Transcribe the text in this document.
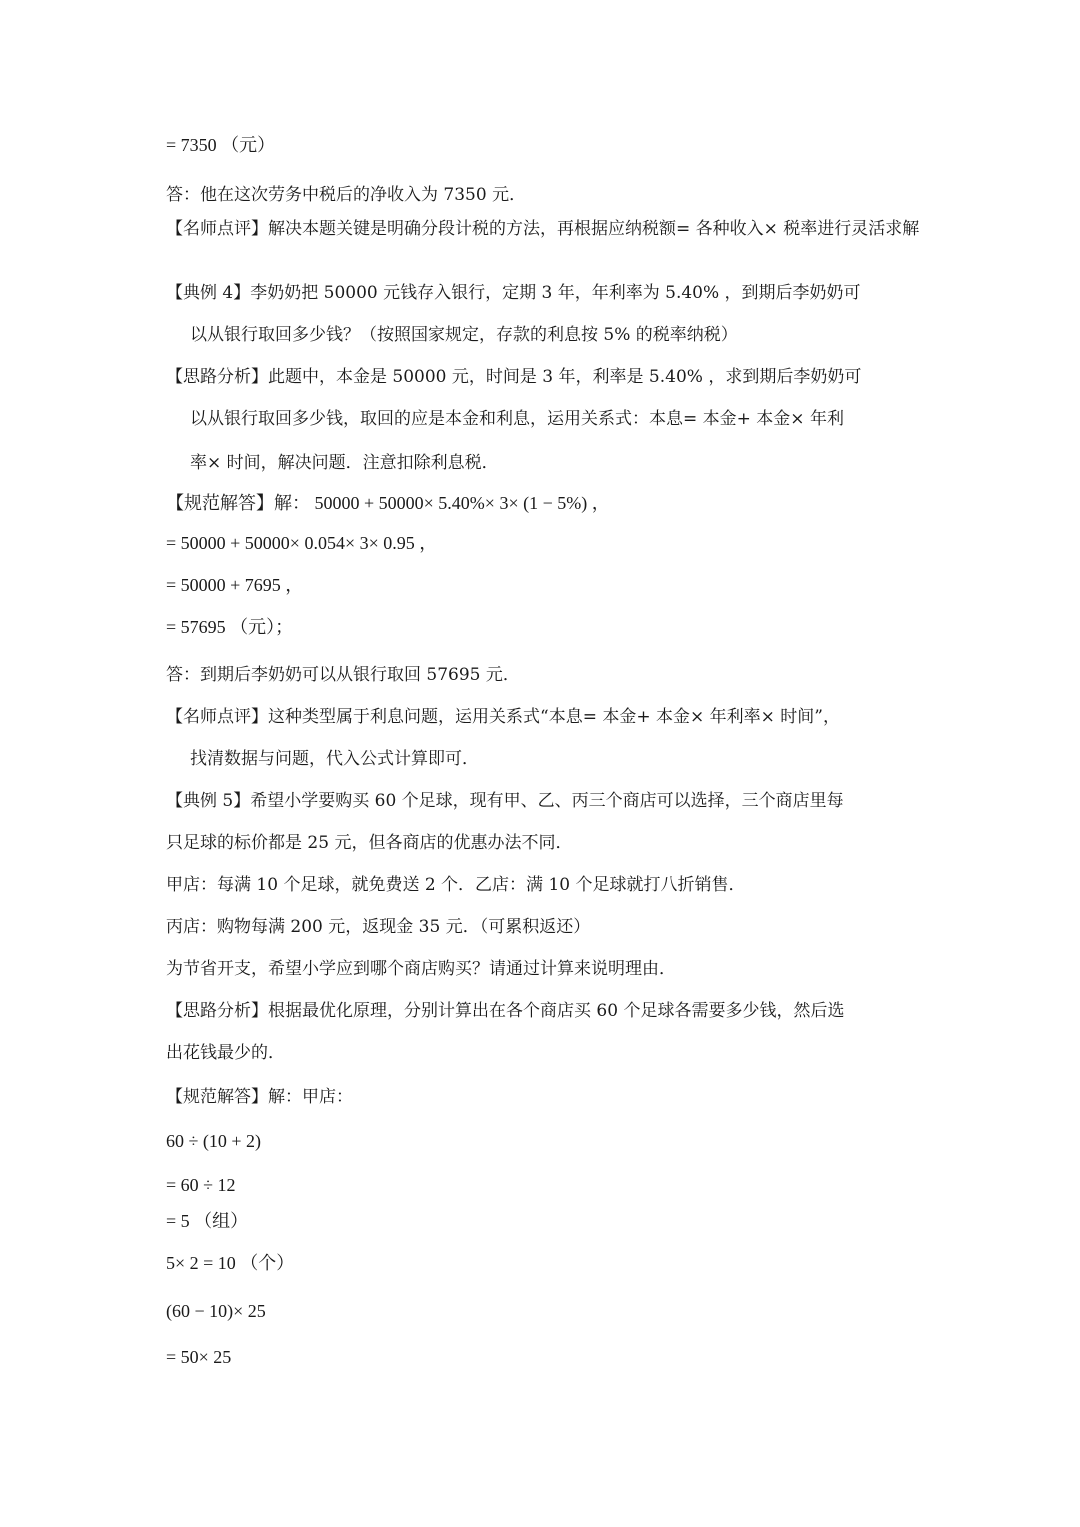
= 7350 （元）
答：他在这次劳务中税后的净收入为 7350 元．
【名师点评】解决本题关键是明确分段计税的方法，再根据应纳税额= 各种收入× 税率进行灵活求解
【典例 4】李奶奶把 50000 元钱存入银行，定期 3 年，年利率为 5.40% ，到期后李奶奶可
以从银行取回多少钱？（按照国家规定，存款的利息按 5% 的税率纳税）
【思路分析】此题中，本金是 50000 元，时间是 3 年，利率是 5.40% ，求到期后李奶奶可
以从银行取回多少钱，取回的应是本金和利息，运用关系式：本息= 本金+ 本金× 年利
率× 时间，解决问题．注意扣除利息税．
【规范解答】解： 50000 + 50000× 5.40%× 3× (1 − 5%) ，
= 50000 + 50000× 0.054× 3× 0.95 ，
= 50000 + 7695 ，
= 57695 （元）；
答：到期后李奶奶可以从银行取回 57695 元．
【名师点评】这种类型属于利息问题，运用关系式“本息= 本金+ 本金× 年利率× 时间”，
找清数据与问题，代入公式计算即可．
【典例 5】希望小学要购买 60 个足球，现有甲、乙、丙三个商店可以选择，三个商店里每
只足球的标价都是 25 元，但各商店的优惠办法不同．
甲店：每满 10 个足球，就免费送 2 个．乙店：满 10 个足球就打八折销售．
丙店：购物每满 200 元，返现金 35 元．（可累积返还）
为节省开支，希望小学应到哪个商店购买？请通过计算来说明理由．
【思路分析】根据最优化原理，分别计算出在各个商店买 60 个足球各需要多少钱，然后选
出花钱最少的．
【规范解答】解：甲店：
60 ÷ (10 + 2)
= 60 ÷ 12
= 5 （组）
5× 2 = 10 （个）
(60 − 10)× 25
= 50× 25
